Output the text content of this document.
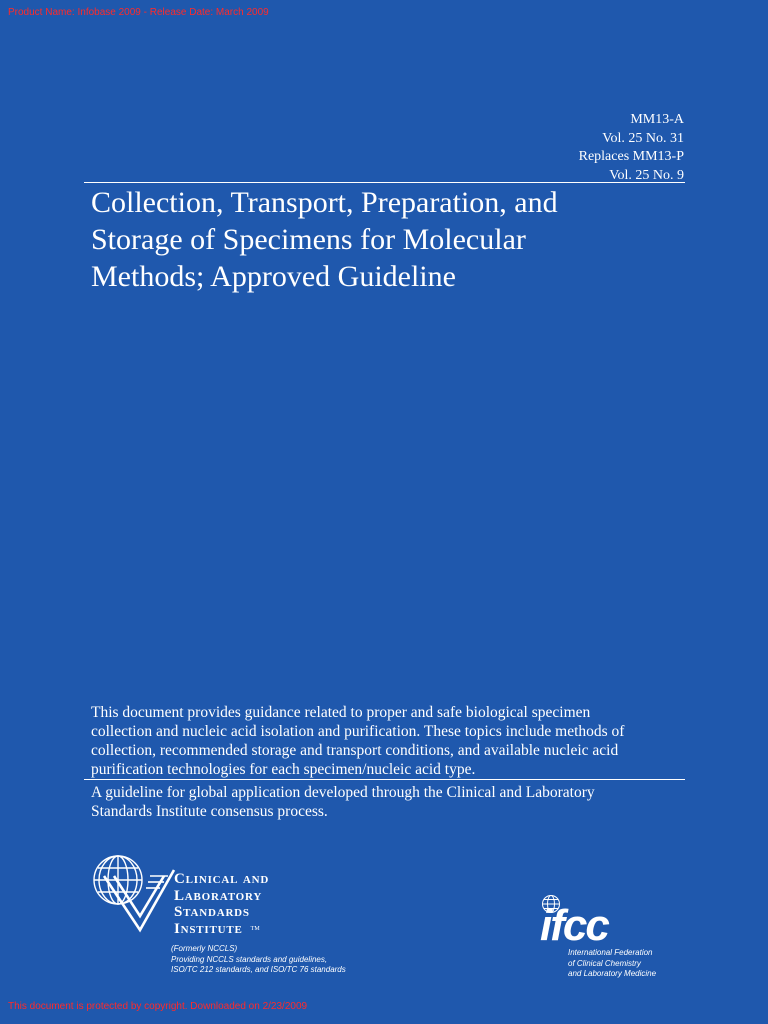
Product Name: Infobase 2009 - Release Date: March 2009
MM13-A
Vol. 25 No. 31
Replaces MM13-P
Vol. 25 No. 9
Collection, Transport, Preparation, and
Storage of Specimens for Molecular
Methods; Approved Guideline
This document provides guidance related to proper and safe biological specimen
collection and nucleic acid isolation and purification. These topics include methods of
collection, recommended storage and transport conditions, and available nucleic acid
purification technologies for each specimen/nucleic acid type.
A guideline for global application developed through the Clinical and Laboratory
Standards Institute consensus process.
Clinical and
Laboratory
Standards
Institute TM
(Formerly NCCLS)
Providing NCCLS standards and guidelines,
ISO/TC 212 standards, and ISO/TC 76 standards
ifcc
International Federation
of Clinical Chemistry
and Laboratory Medicine
This document is protected by copyright. Downloaded on 2/23/2009
